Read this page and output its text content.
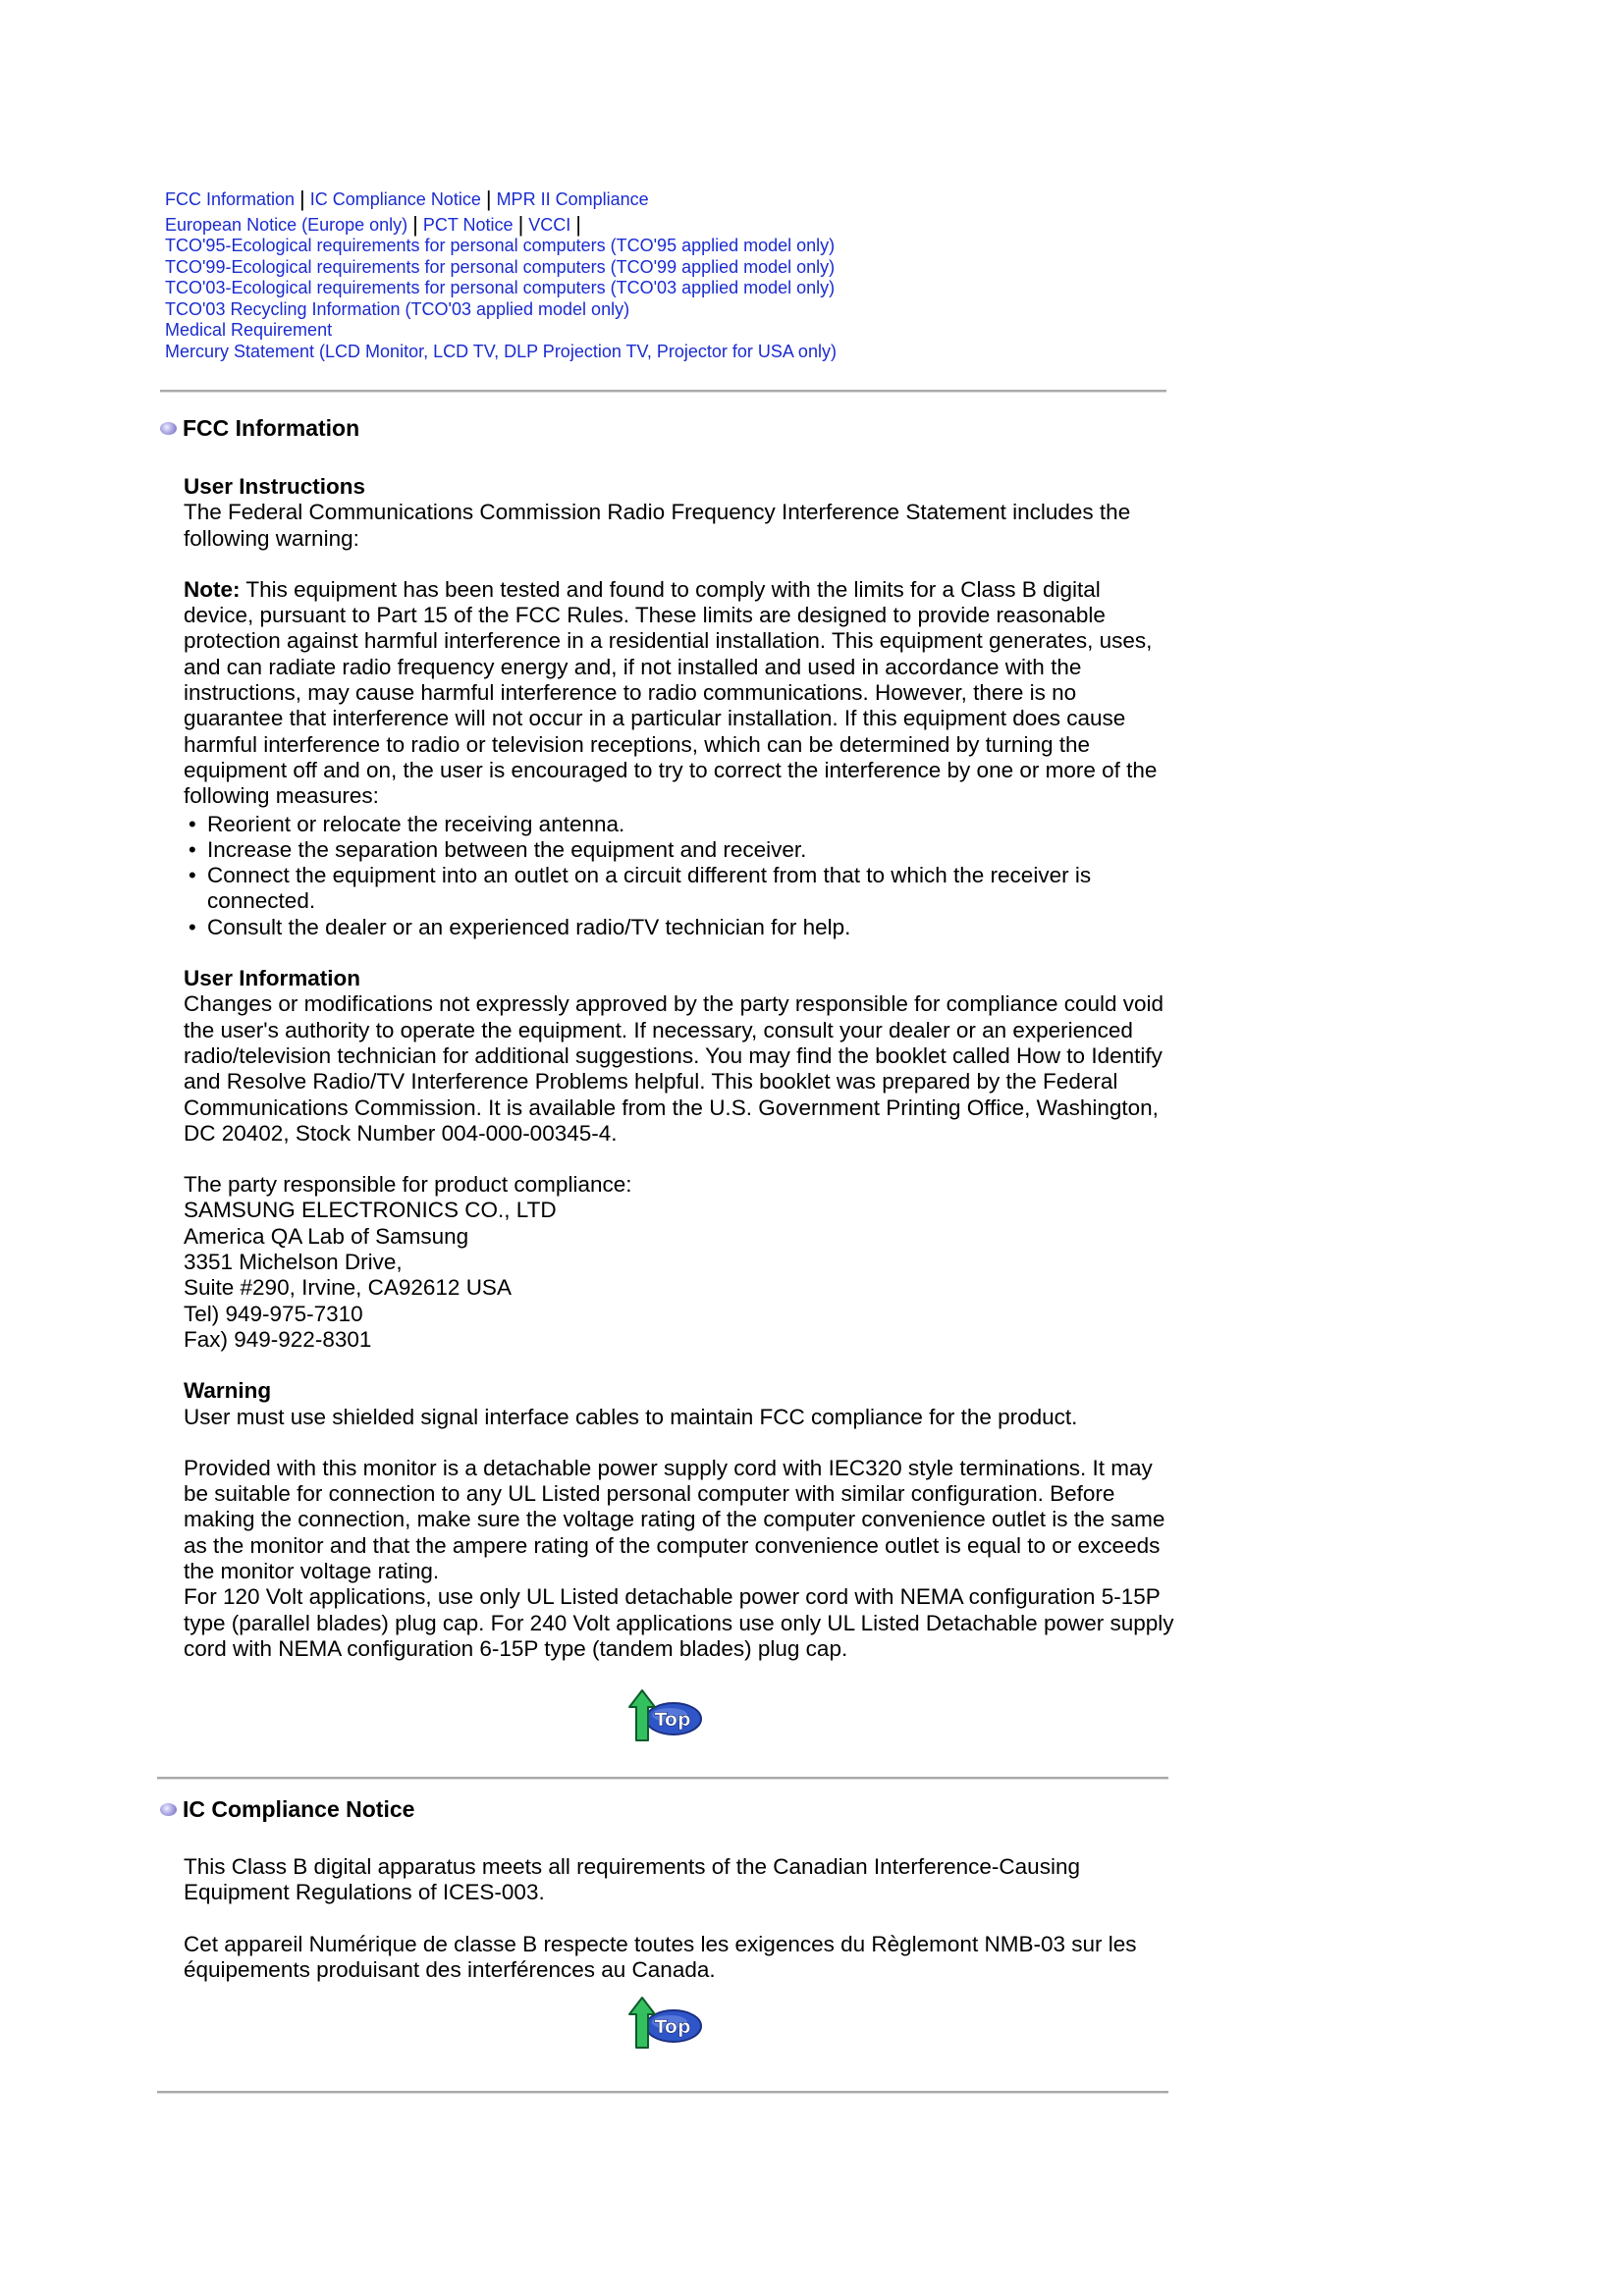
FCC Information | IC Compliance Notice | MPR II Compliance
European Notice (Europe only) | PCT Notice | VCCI |
TCO'95-Ecological requirements for personal computers (TCO'95 applied model only)
TCO'99-Ecological requirements for personal computers (TCO'99 applied model only)
TCO'03-Ecological requirements for personal computers (TCO'03 applied model only)
TCO'03 Recycling Information (TCO'03 applied model only)
Medical Requirement
Mercury Statement (LCD Monitor, LCD TV, DLP Projection TV, Projector for USA only)
FCC Information

User Instructions

The Federal Communications Commission Radio Frequency Interference Statement includes the following warning:

Note: This equipment has been tested and found to comply with the limits for a Class B digital device, pursuant to Part 15 of the FCC Rules. These limits are designed to provide reasonable protection against harmful interference in a residential installation. This equipment generates, uses, and can radiate radio frequency energy and, if not installed and used in accordance with the instructions, may cause harmful interference to radio communications. However, there is no guarantee that interference will not occur in a particular installation. If this equipment does cause harmful interference to radio or television receptions, which can be determined by turning the equipment off and on, the user is encouraged to try to correct the interference by one or more of the following measures:

• Reorient or relocate the receiving antenna.
• Increase the separation between the equipment and receiver.
• Connect the equipment into an outlet on a circuit different from that to which the receiver is connected.
• Consult the dealer or an experienced radio/TV technician for help.

User Information

Changes or modifications not expressly approved by the party responsible for compliance could void the user's authority to operate the equipment. If necessary, consult your dealer or an experienced radio/television technician for additional suggestions. You may find the booklet called How to Identify and Resolve Radio/TV Interference Problems helpful. This booklet was prepared by the Federal Communications Commission. It is available from the U.S. Government Printing Office, Washington, DC 20402, Stock Number 004-000-00345-4.

The party responsible for product compliance:

SAMSUNG ELECTRONICS CO., LTD

America QA Lab of Samsung

3351 Michelson Drive,

Suite #290, Irvine, CA92612 USA

Tel) 949-975-7310

Fax) 949-922-8301

Warning

User must use shielded signal interface cables to maintain FCC compliance for the product.

Provided with this monitor is a detachable power supply cord with IEC320 style terminations. It may be suitable for connection to any UL Listed personal computer with similar configuration. Before making the connection, make sure the voltage rating of the computer convenience outlet is the same as the monitor and that the ampere rating of the computer convenience outlet is equal to or exceeds the monitor voltage rating.

For 120 Volt applications, use only UL Listed detachable power cord with NEMA configuration 5-15P type (parallel blades) plug cap. For 240 Volt applications use only UL Listed Detachable power supply cord with NEMA configuration 6-15P type (tandem blades) plug cap.

Top
IC Compliance Notice

This Class B digital apparatus meets all requirements of the Canadian Interference-Causing Equipment Regulations of ICES-003.

Cet appareil Numérique de classe B respecte toutes les exigences du Règlemont NMB-03 sur les équipements produisant des interférences au Canada.

Top
